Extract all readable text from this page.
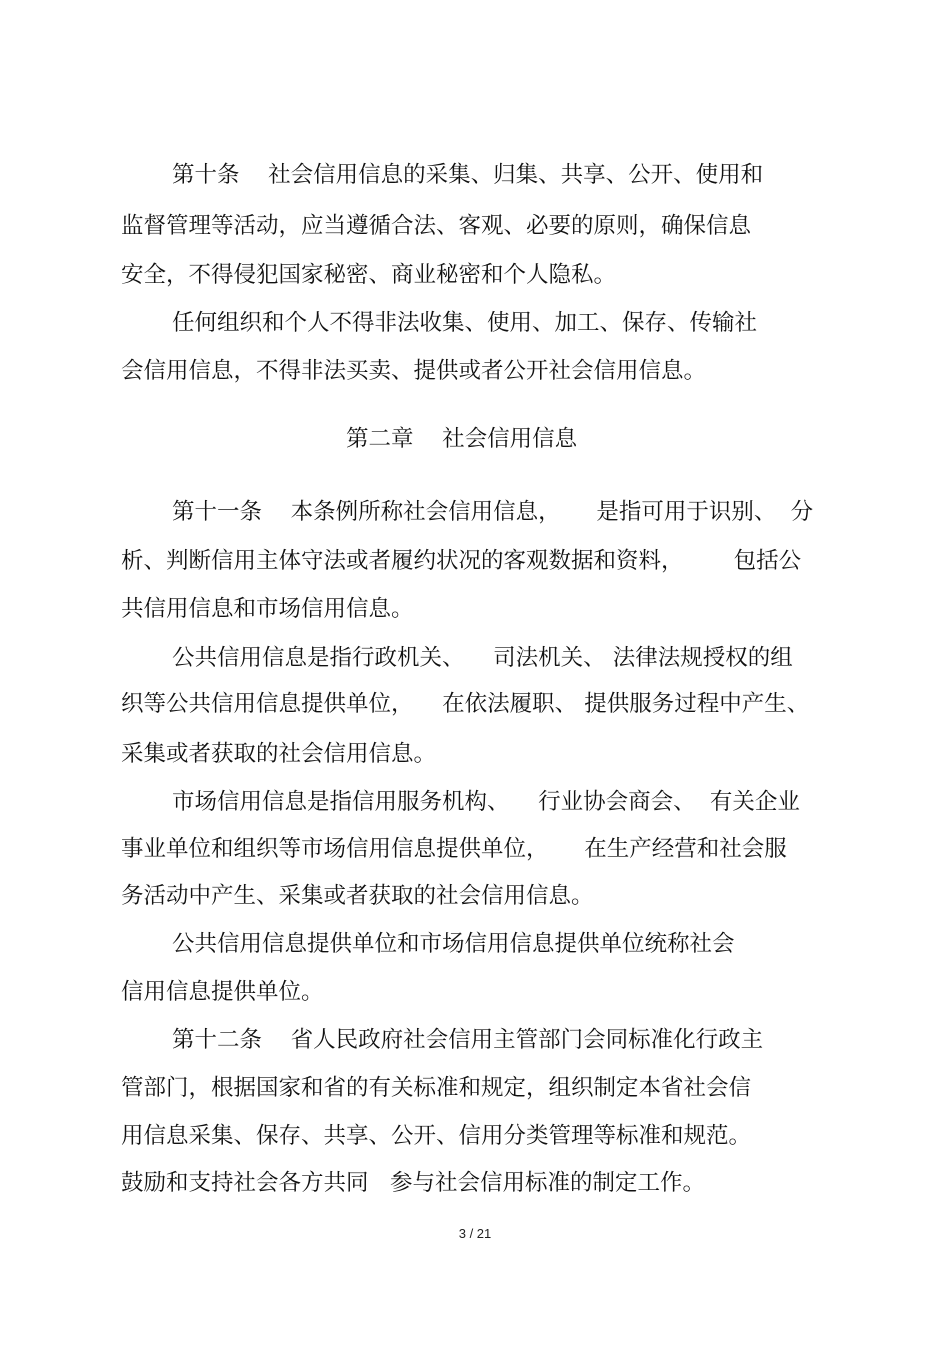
第十条    社会信用信息的采集、归集、共享、公开、使用和
监督管理等活动，应当遵循合法、客观、必要的原则，确保信息
安全，不得侵犯国家秘密、商业秘密和个人隐私。
任何组织和个人不得非法收集、使用、加工、保存、传输社
会信用信息，不得非法买卖、提供或者公开社会信用信息。
第二章    社会信用信息
第十一条    本条例所称社会信用信息，     是指可用于识别、  分
析、判断信用主体守法或者履约状况的客观数据和资料，       包括公
共信用信息和市场信用信息。
公共信用信息是指行政机关、    司法机关、 法律法规授权的组
织等公共信用信息提供单位，    在依法履职、 提供服务过程中产生、
采集或者获取的社会信用信息。
市场信用信息是指信用服务机构、    行业协会商会、  有关企业
事业单位和组织等市场信用信息提供单位，     在生产经营和社会服
务活动中产生、采集或者获取的社会信用信息。
公共信用信息提供单位和市场信用信息提供单位统称社会
信用信息提供单位。
第十二条    省人民政府社会信用主管部门会同标准化行政主
管部门，根据国家和省的有关标准和规定，组织制定本省社会信
用信息采集、保存、共享、公开、信用分类管理等标准和规范。
鼓励和支持社会各方共同   参与社会信用标准的制定工作。
3 / 21
